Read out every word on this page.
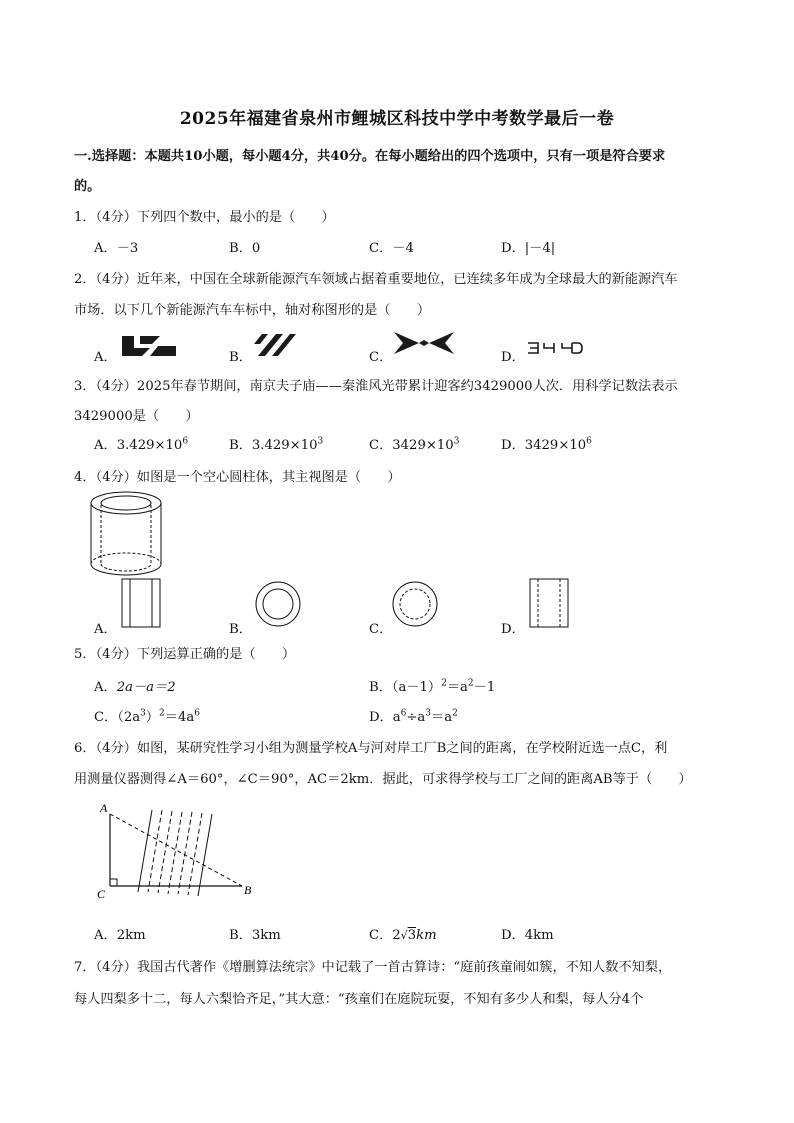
2025年福建省泉州市鲤城区科技中学中考数学最后一卷
一.选择题：本题共10小题，每小题4分，共40分。在每小题给出的四个选项中，只有一项是符合要求
的。
1．（4分）下列四个数中，最小的是（　　）
A．－3	B．0	C．－4	D．|－4|
2．（4分）近年来，中国在全球新能源汽车领域占据着重要地位，已连续多年成为全球最大的新能源汽车
市场．以下几个新能源汽车车标中，轴对称图形的是（　　）
A．	B．	C．	D．
3．（4分）2025年春节期间，南京夫子庙——秦淮风光带累计迎客约3429000人次．用科学记数法表示
3429000是（　　）
A．$3.429\times 10^6$	B．$3.429\times 10^3$	C．$3429\times 10^3$	D．$3429\times 10^6$
4．（4分）如图是一个空心圆柱体，其主视图是（　　）
A．	B．	C．	D．
5．（4分）下列运算正确的是（　　）
A．2a－a＝2	B．$(a-1)^2=a^2-1$
C．$(2a^3)^2=4a^6$	D．$a^6\div a^3=a^2$
6．（4分）如图，某研究性学习小组为测量学校A与河对岸工厂B之间的距离，在学校附近选一点C，利
用测量仪器测得∠A＝60°，∠C＝90°，AC＝2km．据此，可求得学校与工厂之间的距离AB等于（　　）
A
B
C
A．2km	B．3km	C．2√3km	D．4km
7．（4分）我国古代著作《增删算法统宗》中记载了一首古算诗：“庭前孩童闹如簇，不知人数不知梨，
每人四梨多十二，每人六梨恰齐足，”其大意：“孩童们在庭院玩耍，不知有多少人和梨，每人分4个
